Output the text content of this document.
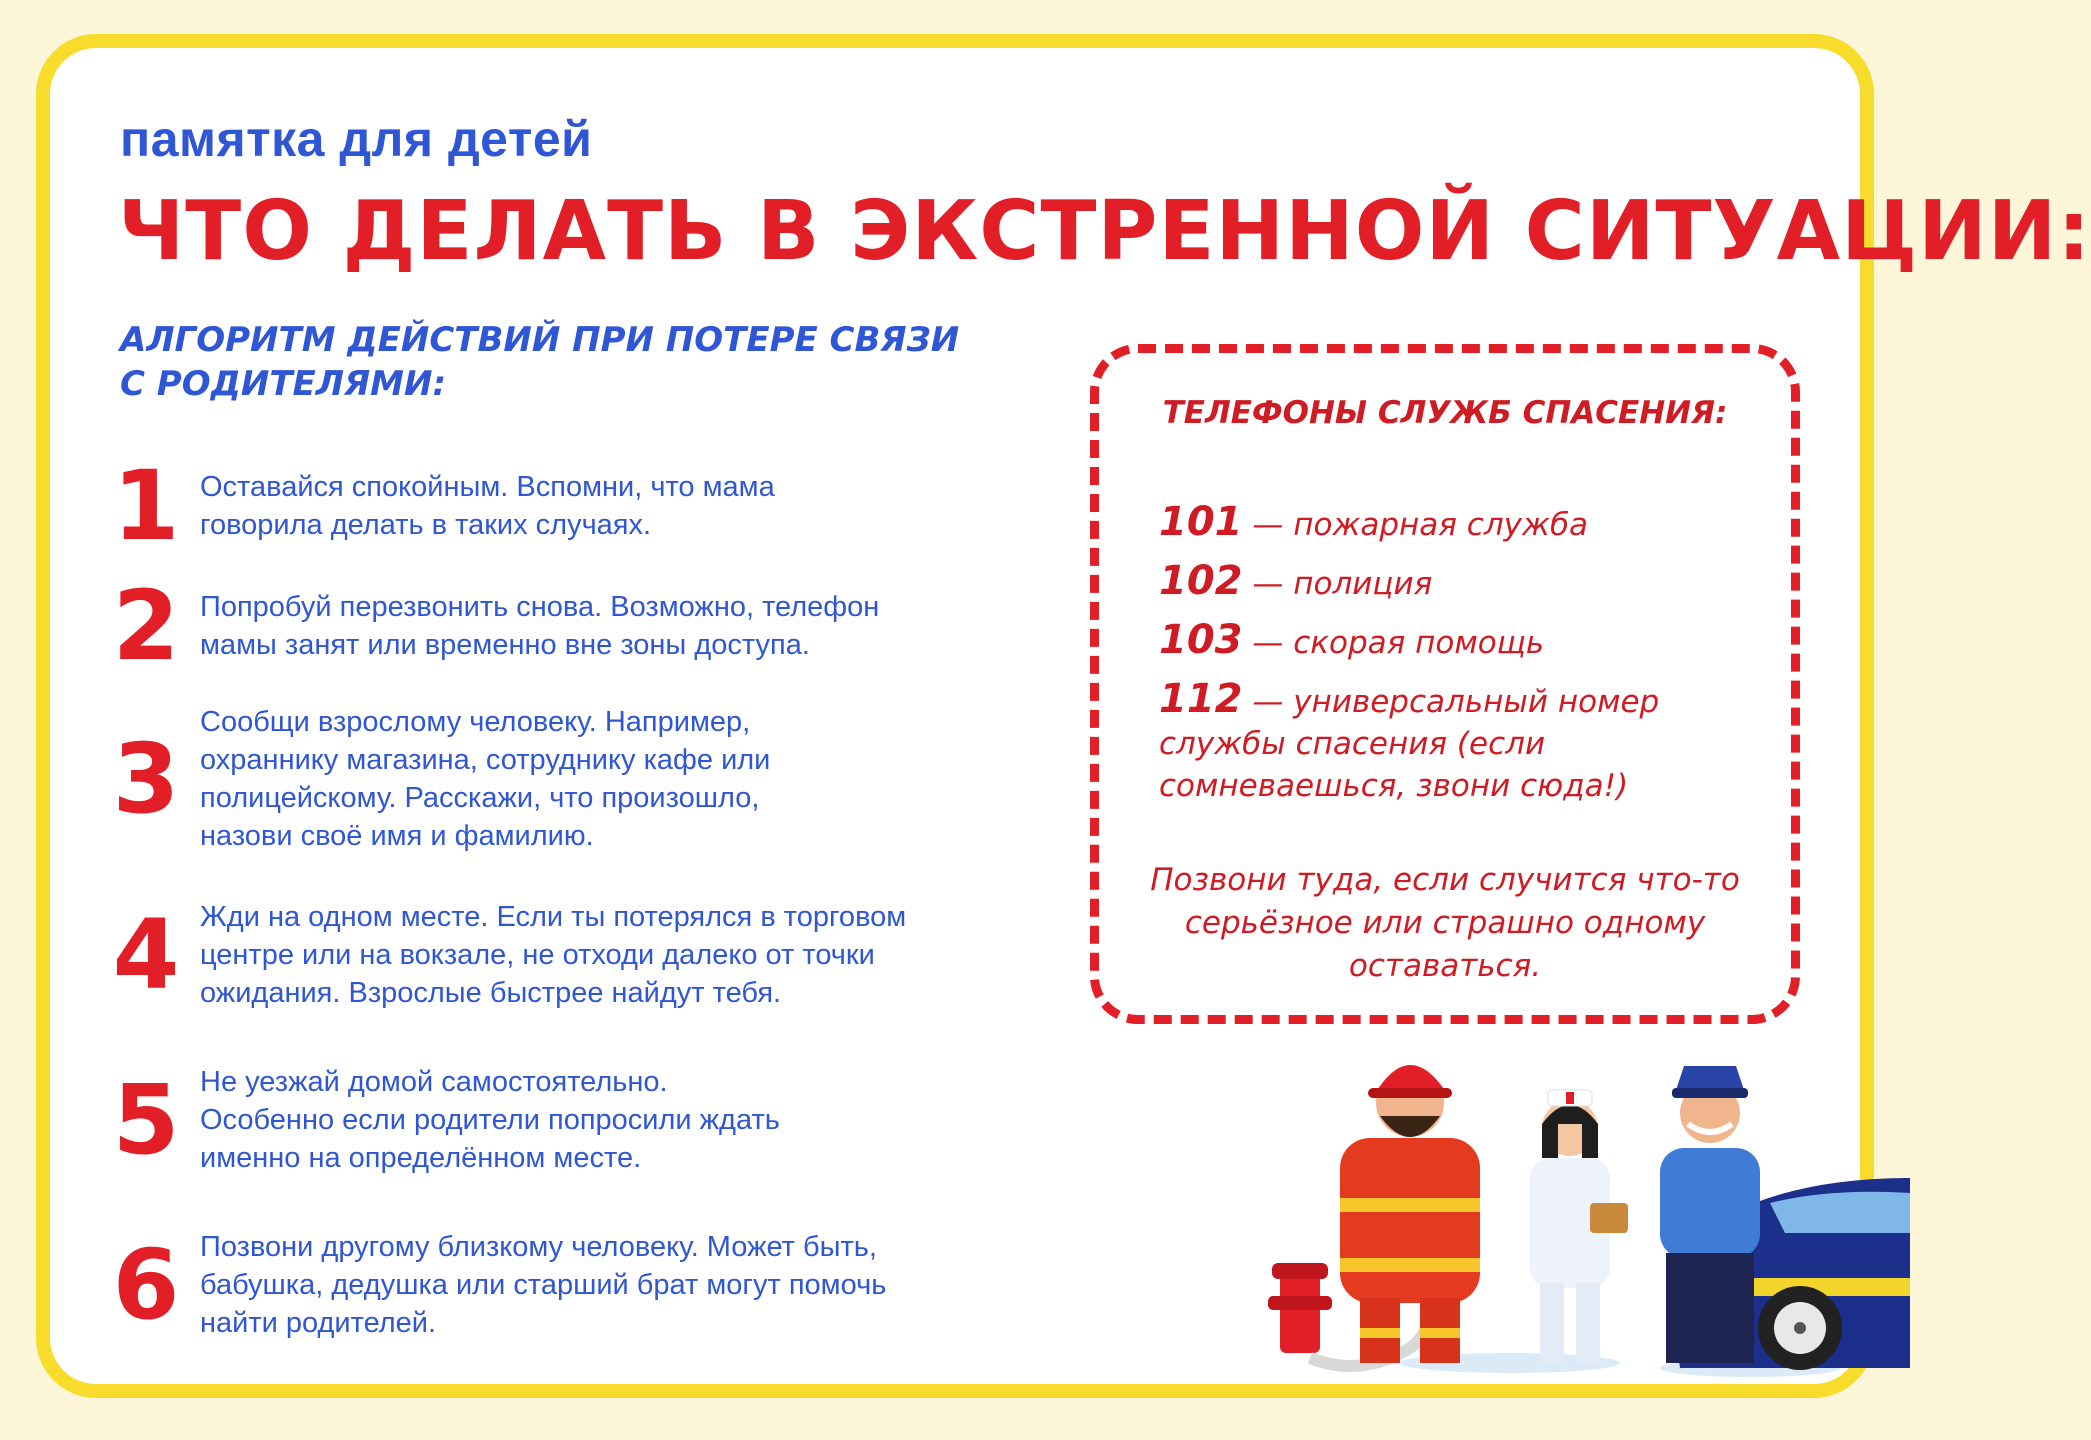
памятка для детей
ЧТО ДЕЛАТЬ В ЭКСТРЕННОЙ СИТУАЦИИ:
АЛГОРИТМ ДЕЙСТВИЙ ПРИ ПОТЕРЕ СВЯЗИ
С РОДИТЕЛЯМИ:
1 Оставайся спокойным. Вспомни, что мама говорила делать в таких случаях.
2 Попробуй перезвонить снова. Возможно, телефон мамы занят или временно вне зоны доступа.
3
Сообщи взрослому человеку. Например, охраннику магазина, сотруднику кафе или полицейскому. Расскажи, что произошло, назови своё имя и фамилию.
4 Жди на одном месте. Если ты потерялся в торговом центре или на вокзале, не отходи далеко от точки ожидания. Взрослые быстрее найдут тебя.
5 Не уезжай домой самостоятельно. Особенно если родители попросили ждать именно на определённом месте.
6 Позвони другому близкому человеку. Может быть, бабушка, дедушка или старший брат могут помочь найти родителей.
ТЕЛЕФОНЫ СЛУЖБ СПАСЕНИЯ:
101 — пожарная служба
102 — полиция
103 — скорая помощь
112 — универсальный номер службы спасения (если сомневаешься, звони сюда!)
Позвони туда, если случится что-то серьёзное или страшно одному оставаться.
